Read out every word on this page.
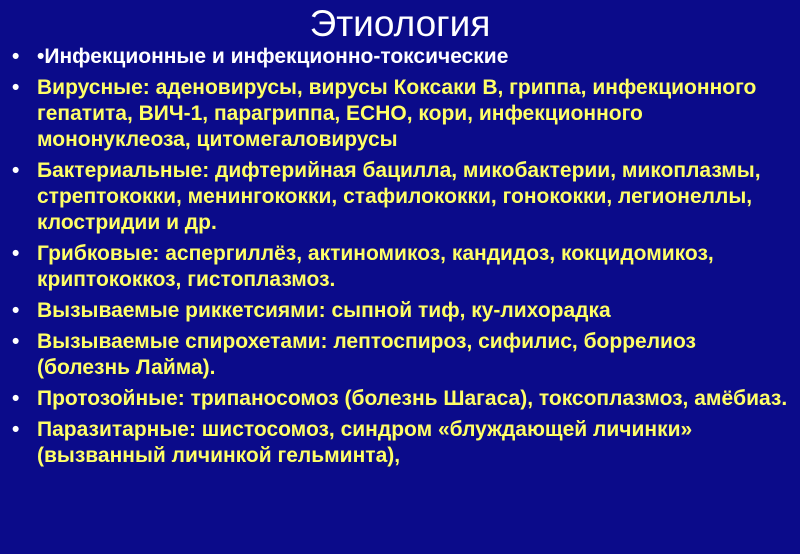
Этиология
• •Инфекционные и инфекционно-токсические
• Вирусные: аденовирусы, вирусы Коксаки В, гриппа, инфекционного гепатита, ВИЧ-1, парагриппа, ЕСНО, кори, инфекционного мононуклеоза, цитомегаловирусы
• Бактериальные: дифтерийная бацилла, микобактерии, микоплазмы, стрептококки, менингококки, стафилококки, гонококки, легионеллы, клостридии и др.
• Грибковые: аспергиллёз, актиномикоз, кандидоз, кокцидомикоз, криптококкоз, гистоплазмоз.
• Вызываемые риккетсиями: сыпной тиф, ку-лихорадка
• Вызываемые спирохетами: лептоспироз, сифилис, боррелиоз (болезнь Лайма).
• Протозойные: трипаносомоз (болезнь Шагаса), токсоплазмоз, амёбиаз.
• Паразитарные: шистосомоз, синдром «блуждающей личинки» (вызванный личинкой гельминта),
